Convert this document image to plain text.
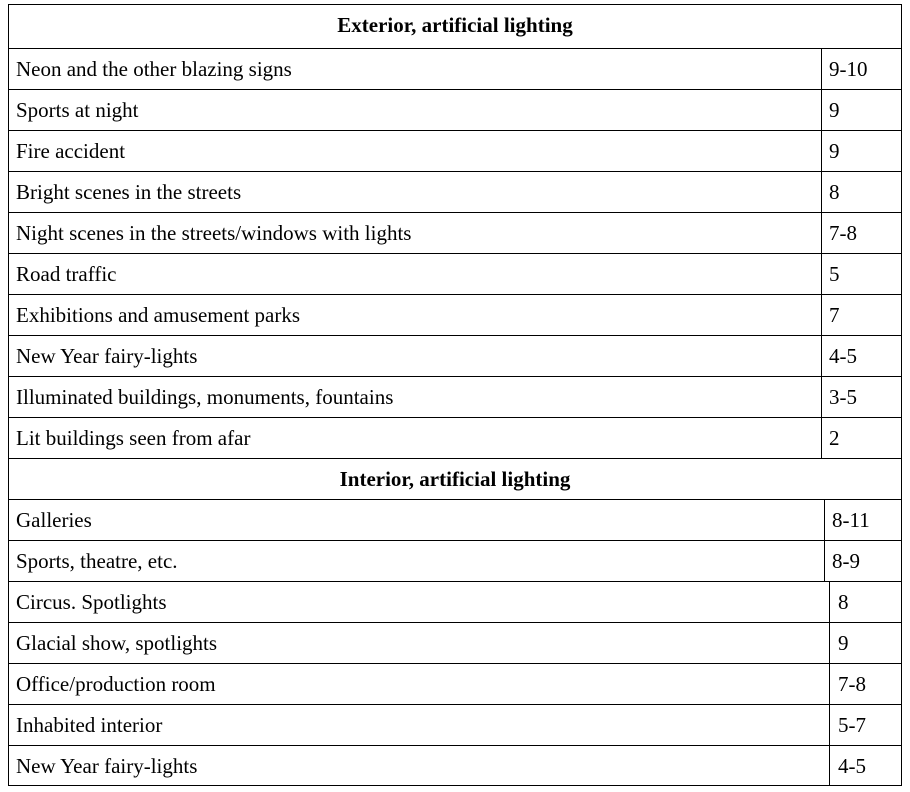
Exterior, artificial lighting
Neon and the other blazing signs	9-10
Sports at night	9
Fire accident	9
Bright scenes in the streets	8
Night scenes in the streets/windows with lights	7-8
Road traffic	5
Exhibitions and amusement parks	7
New Year fairy-lights	4-5
Illuminated buildings, monuments, fountains	3-5
Lit buildings seen from afar	2
Interior, artificial lighting
Galleries	8-11
Sports, theatre, etc.	8-9
Circus. Spotlights	8
Glacial show, spotlights	9
Office/production room	7-8
Inhabited interior	5-7
New Year fairy-lights	4-5
